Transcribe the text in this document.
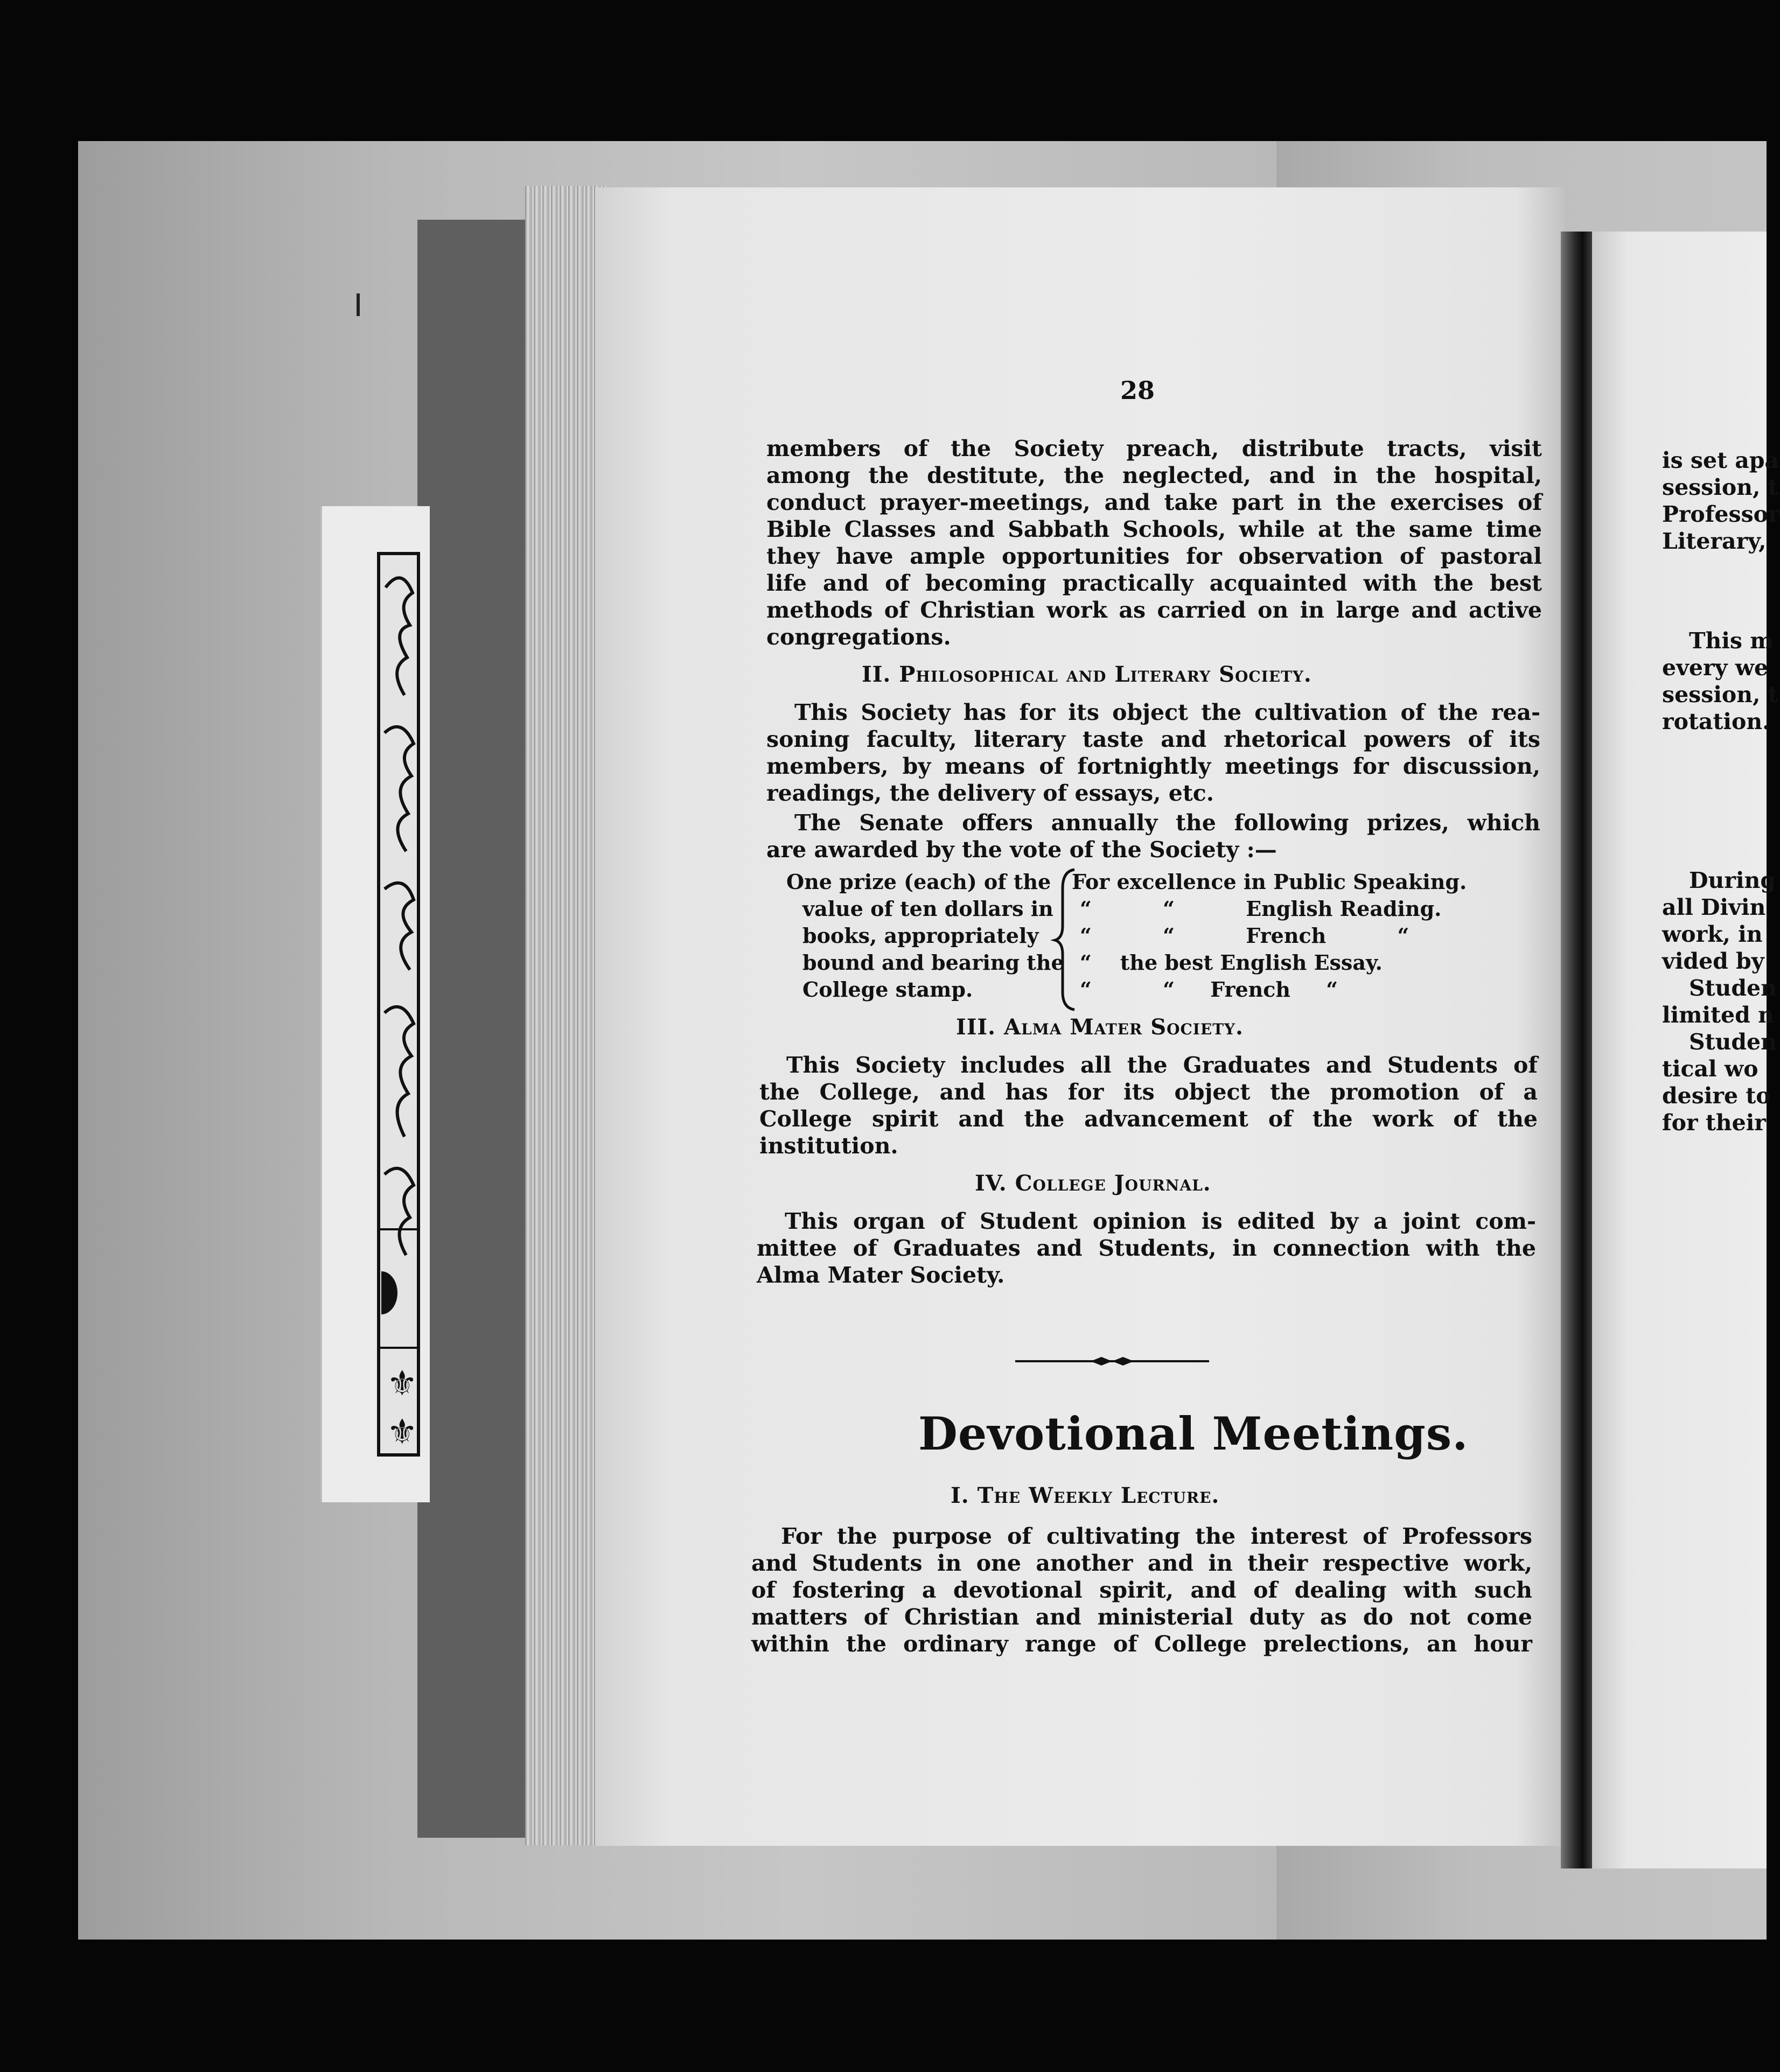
⚜
⚜
28
members of the Society preach, distribute tracts, visit
among the destitute, the neglected, and in the hospital,
conduct prayer-meetings, and take part in the exercises of
Bible Classes and Sabbath Schools, while at the same time
they have ample opportunities for observation of pastoral
life and of becoming practically acquainted with the best
methods of Christian work as carried on in large and active
congregations.
II. Philosophical and Literary Society.
This Society has for its object the cultivation of the rea-
soning faculty, literary taste and rhetorical powers of its
members, by means of fortnightly meetings for discussion,
readings, the delivery of essays, etc.
The Senate offers annually the following prizes, which
are awarded by the vote of the Society :—
One prize (each) of the
value of ten dollars in
books, appropriately
bound and bearing the
College stamp.
For excellence in Public Speaking.
“          “          English Reading.
“          “          French          “
“    the best English Essay.
“          “     French     “
III. Alma Mater Society.
This Society includes all the Graduates and Students of
the College, and has for its object the promotion of a
College spirit and the advancement of the work of the
institution.
IV. College Journal.
This organ of Student opinion is edited by a joint com-
mittee of Graduates and Students, in connection with the
Alma Mater Society.
Devotional Meetings.
I. The Weekly Lecture.
For the purpose of cultivating the interest of Professors
and Students in one another and in their respective work,
of fostering a devotional spirit, and of dealing with such
matters of Christian and ministerial duty as do not come
within the ordinary range of College prelections, an hour
is set apa
session, t
Professor
Literary,
This m
every we
session, t
rotation.
During
all Divin
work, in
vided by
Studen
limited n
Studen
tical wo
desire to
for their
